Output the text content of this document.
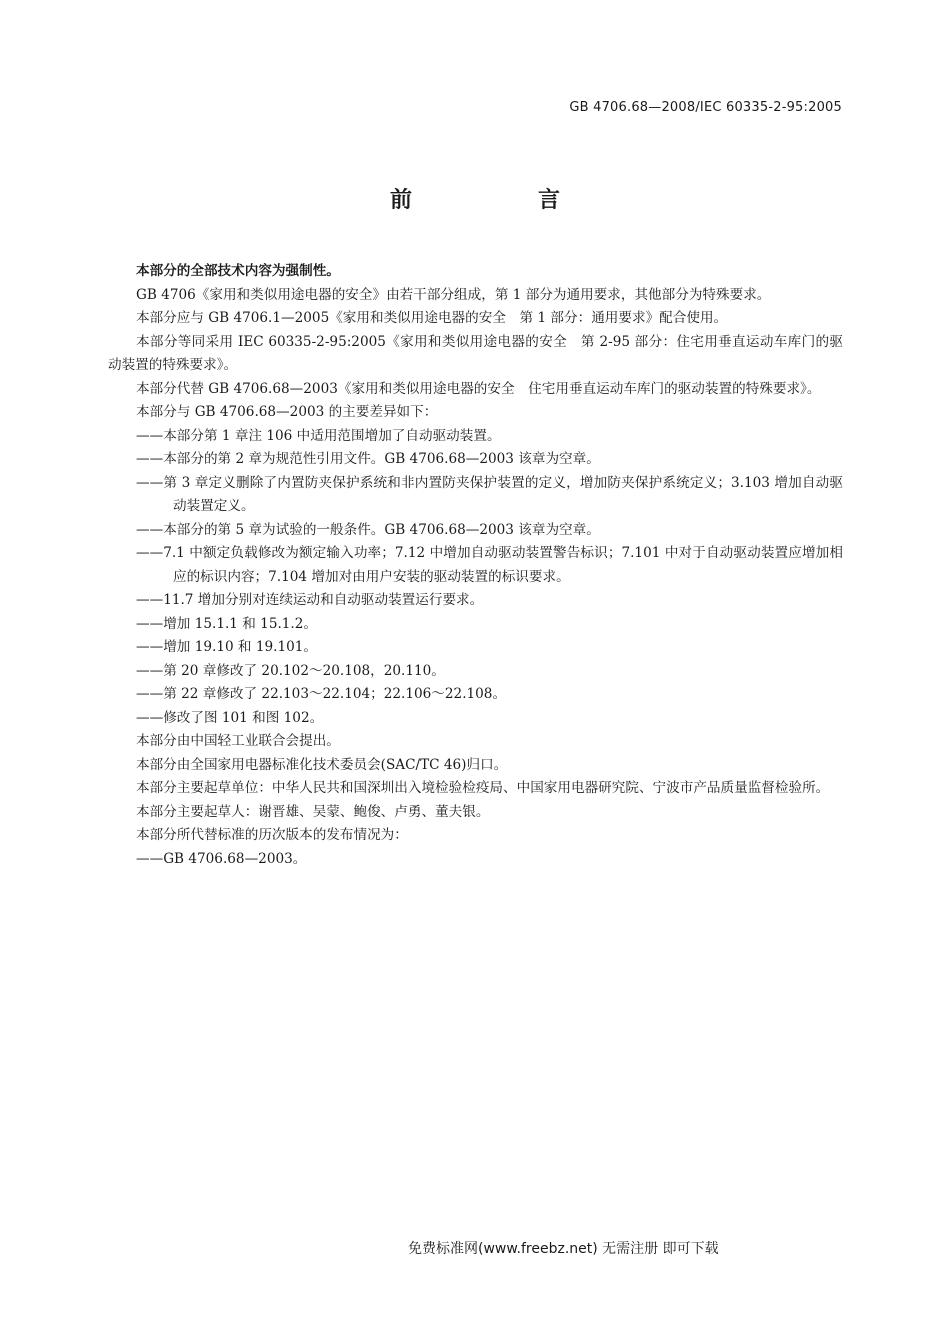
GB 4706.68—2008/IEC 60335-2-95:2005
前　言

本部分的全部技术内容为强制性。

GB 4706《家用和类似用途电器的安全》由若干部分组成，第 1 部分为通用要求，其他部分为特殊要求。

本部分应与 GB 4706.1—2005《家用和类似用途电器的安全　第 1 部分：通用要求》配合使用。

本部分等同采用 IEC 60335-2-95:2005《家用和类似用途电器的安全　第 2-95 部分：住宅用垂直运动车库门的驱动装置的特殊要求》。

本部分代替 GB 4706.68—2003《家用和类似用途电器的安全　住宅用垂直运动车库门的驱动装置的特殊要求》。

本部分与 GB 4706.68—2003 的主要差异如下：

——本部分第 1 章注 106 中适用范围增加了自动驱动装置。

——本部分的第 2 章为规范性引用文件。GB 4706.68—2003 该章为空章。

——第 3 章定义删除了内置防夹保护系统和非内置防夹保护装置的定义，增加防夹保护系统定义；3.103 增加自动驱动装置定义。

——本部分的第 5 章为试验的一般条件。GB 4706.68—2003 该章为空章。

——7.1 中额定负载修改为额定输入功率；7.12 中增加自动驱动装置警告标识；7.101 中对于自动驱动装置应增加相应的标识内容；7.104 增加对由用户安装的驱动装置的标识要求。

——11.7 增加分别对连续运动和自动驱动装置运行要求。

——增加 15.1.1 和 15.1.2。

——增加 19.10 和 19.101。

——第 20 章修改了 20.102～20.108，20.110。

——第 22 章修改了 22.103～22.104；22.106～22.108。

——修改了图 101 和图 102。

本部分由中国轻工业联合会提出。

本部分由全国家用电器标准化技术委员会(SAC/TC 46)归口。

本部分主要起草单位：中华人民共和国深圳出入境检验检疫局、中国家用电器研究院、宁波市产品质量监督检验所。

本部分主要起草人：谢晋雄、吴蒙、鲍俊、卢勇、董夫银。

本部分所代替标准的历次版本的发布情况为：

——GB 4706.68—2003。

免费标准网(www.freebz.net) 无需注册 即可下载
